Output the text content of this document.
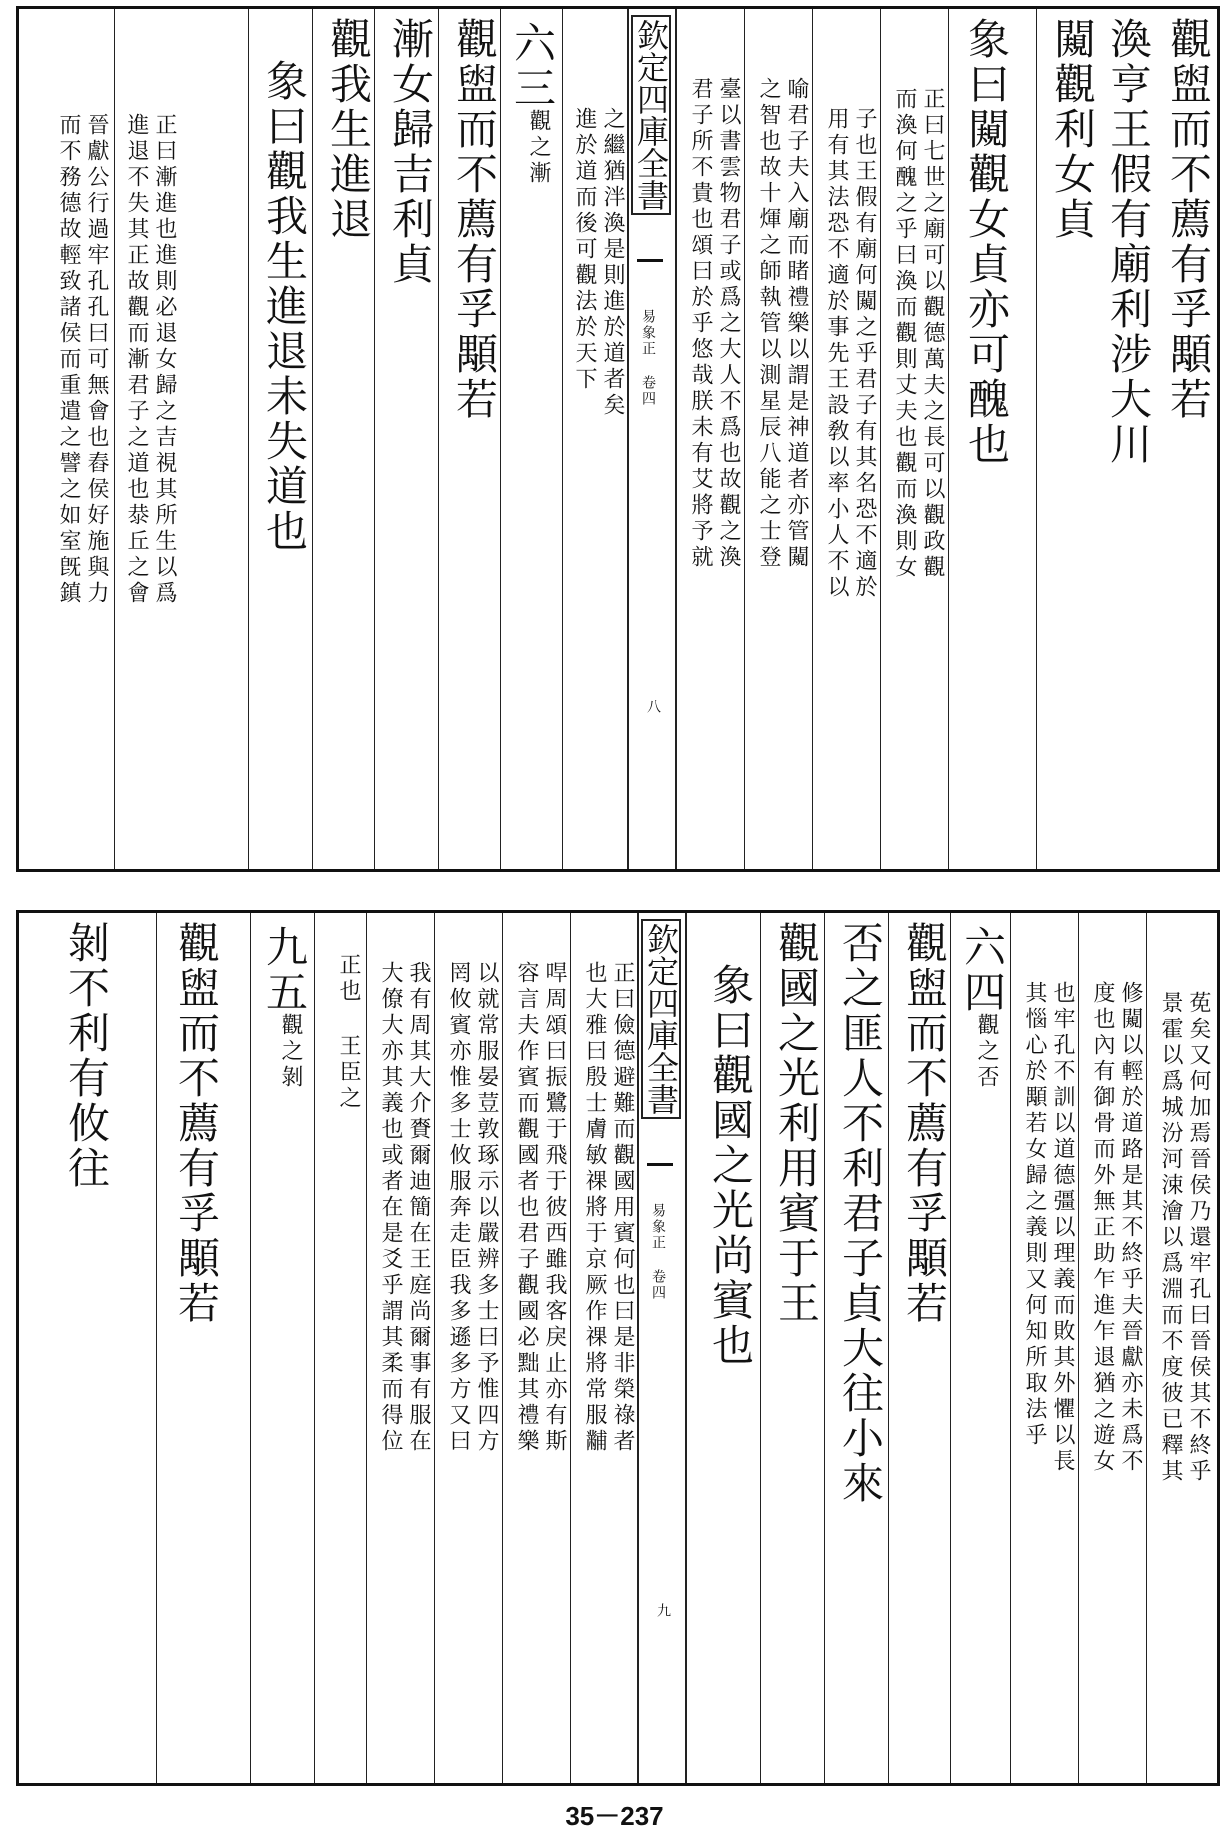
觀盥而不薦有孚顒若
渙亨王假有廟利涉大川
闚觀利女貞
象曰闚觀女貞亦可醜也
正曰七世之廟可以觀德萬夫之長可以觀政觀
而渙何醜之乎曰渙而觀則丈夫也觀而渙則女
子也王假有廟何闚之乎君子有其名恐不適於
用有其法恐不適於事先王設敎以率小人不以
喻君子夫入廟而睹禮樂以謂是神道者亦管闚
之智也故十煇之師執管以測星辰八能之士登
臺以書雲物君子或爲之大人不爲也故觀之渙
君子所不貴也頌曰於乎悠哉朕未有艾將予就
欽定四庫全書
易象正 卷四
八
之繼猶泮渙是則進於道者矣
進於道而後可觀法於天下
六三
觀之漸
觀盥而不薦有孚顒若
漸女歸吉利貞
觀我生進退
象曰觀我生進退未失道也
正曰漸進也進則必退女歸之吉視其所生以爲
進退不失其正故觀而漸君子之道也㳟丘之會
晉獻公行過牢孔孔曰可無會也舂侯好施與力
而不務德故輕致諸侯而重遣之譬之如室旣鎮
莬矣又何加焉晉侯乃還牢孔曰晉侯其不終乎
景霍以爲城汾河涑澮以爲淵而不度彼已釋其
修闚以輕於道路是其不終乎夫晉獻亦未爲不
度也內有御骨而外無正助乍進乍退猶之遊女
也牢孔不訓以道德彊以理義而敗其外懼以長
其惱心於顒若女歸之義則又何知所取法乎
六四
觀之否
觀盥而不薦有孚顒若
否之匪人不利君子貞大往小來
觀國之光利用賓于王
象曰觀國之光尚賓也
欽定四庫全書
易象正 卷四
九
正曰儉德避難而觀國用賓何也曰是非榮祿者
也大雅曰殷士膚敏祼將于京厥作祼將常服黼
哻周頌曰振鷺于飛于彼西雖我客戾止亦有斯
容言夫作賓而觀國者也君子觀國必黜其禮樂
以就常服晏荳敦琢示以嚴辨多士曰予惟四方
罔攸賓亦惟多士攸服奔走臣我多遜多方又曰
我有周其大介賚爾迪簡在王庭尚爾事有服在
大僚大亦其義也或者在是爻乎謂其柔而得位
正也 王臣之
九五
觀之剝
觀盥而不薦有孚顒若
剝不利有攸往
35－237
